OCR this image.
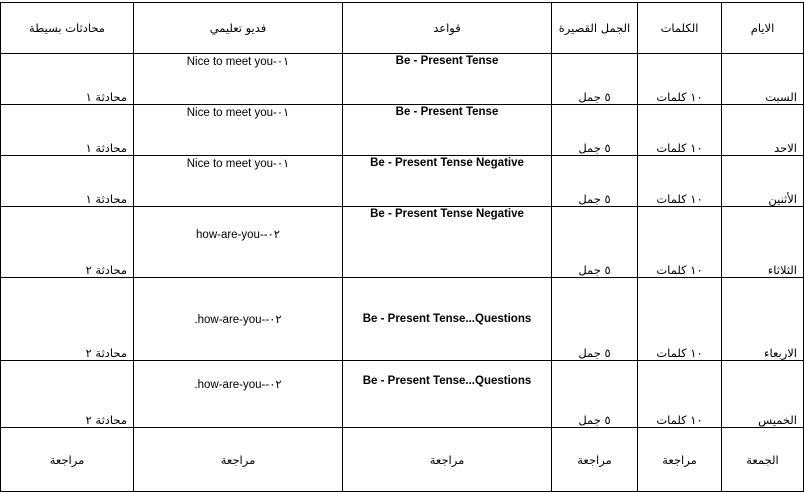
الايام	الكلمات	الجمل القصيرة	قواعد	فديو تعليمي	محادثات بسيطة
السبت	١٠ كلمات	٥ جمل	Be - Present Tense	Nice to meet you-٠١	محادثة ١
الاحد	١٠ كلمات	٥ جمل	Be - Present Tense	Nice to meet you-٠١	محادثة ١
الأثنين	١٠ كلمات	٥ جمل	Be - Present Tense Negative	Nice to meet you-٠١	محادثة ١
الثلاثاء	١٠ كلمات	٥ جمل	Be - Present Tense Negative	how-are-you--٠٢	محادثة ٢
الاربعاء	١٠ كلمات	٥ جمل	Be - Present Tense...Questions	.how-are-you--٠٢	محادثة ٢
الخميس	١٠ كلمات	٥ جمل	Be - Present Tense...Questions	.how-are-you--٠٢	محادثة ٢
الجمعة	مراجعة	مراجعة	مراجعة	مراجعة	مراجعة
